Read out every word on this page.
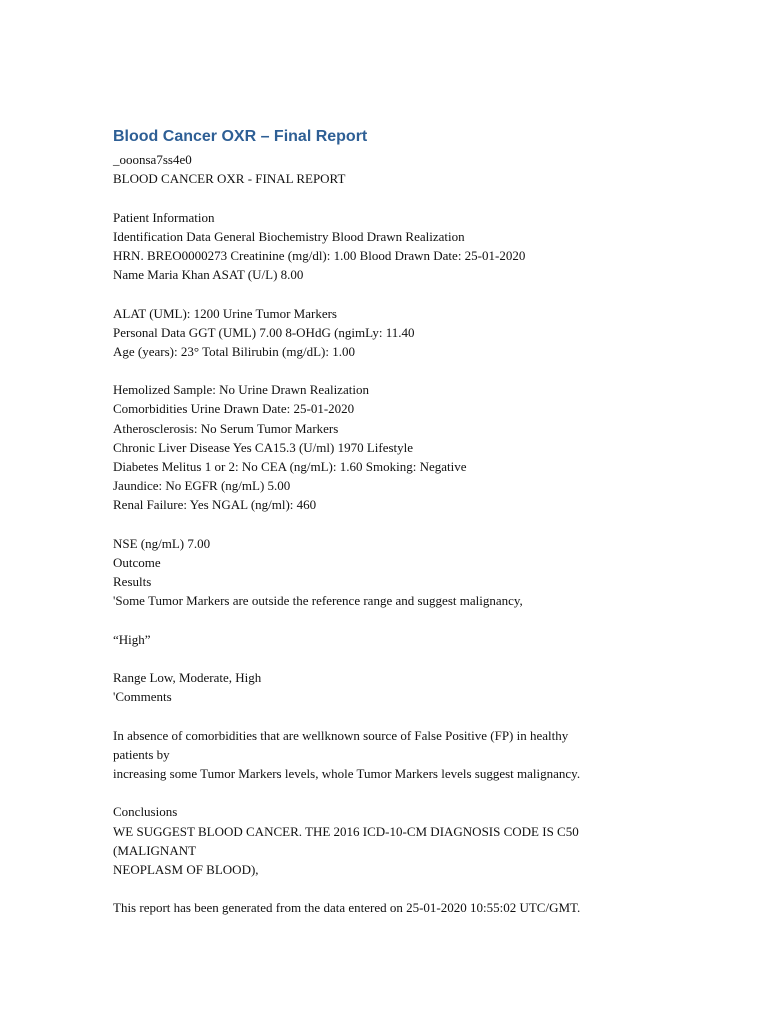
Blood Cancer OXR – Final Report
_ooonsa7ss4e0
BLOOD CANCER OXR - FINAL REPORT
Patient Information
Identification Data General Biochemistry Blood Drawn Realization
HRN. BREO0000273 Creatinine (mg/dl): 1.00 Blood Drawn Date: 25-01-2020
Name Maria Khan ASAT (U/L) 8.00
ALAT (UML): 1200 Urine Tumor Markers
Personal Data GGT (UML) 7.00 8-OHdG (ngimLy: 11.40
Age (years): 23° Total Bilirubin (mg/dL): 1.00
Hemolized Sample: No Urine Drawn Realization
Comorbidities Urine Drawn Date: 25-01-2020
Atherosclerosis: No Serum Tumor Markers
Chronic Liver Disease Yes CA15.3 (U/ml) 1970 Lifestyle
Diabetes Melitus 1 or 2: No CEA (ng/mL): 1.60 Smoking: Negative
Jaundice: No EGFR (ng/mL) 5.00
Renal Failure: Yes NGAL (ng/ml): 460
NSE (ng/mL) 7.00
Outcome
Results
'Some Tumor Markers are outside the reference range and suggest malignancy,
“High”
Range Low, Moderate, High
'Comments
In absence of comorbidities that are wellknown source of False Positive (FP) in healthy
patients by
increasing some Tumor Markers levels, whole Tumor Markers levels suggest malignancy.
Conclusions
WE SUGGEST BLOOD CANCER. THE 2016 ICD-10-CM DIAGNOSIS CODE IS C50
(MALIGNANT
NEOPLASM OF BLOOD),
This report has been generated from the data entered on 25-01-2020 10:55:02 UTC/GMT.
